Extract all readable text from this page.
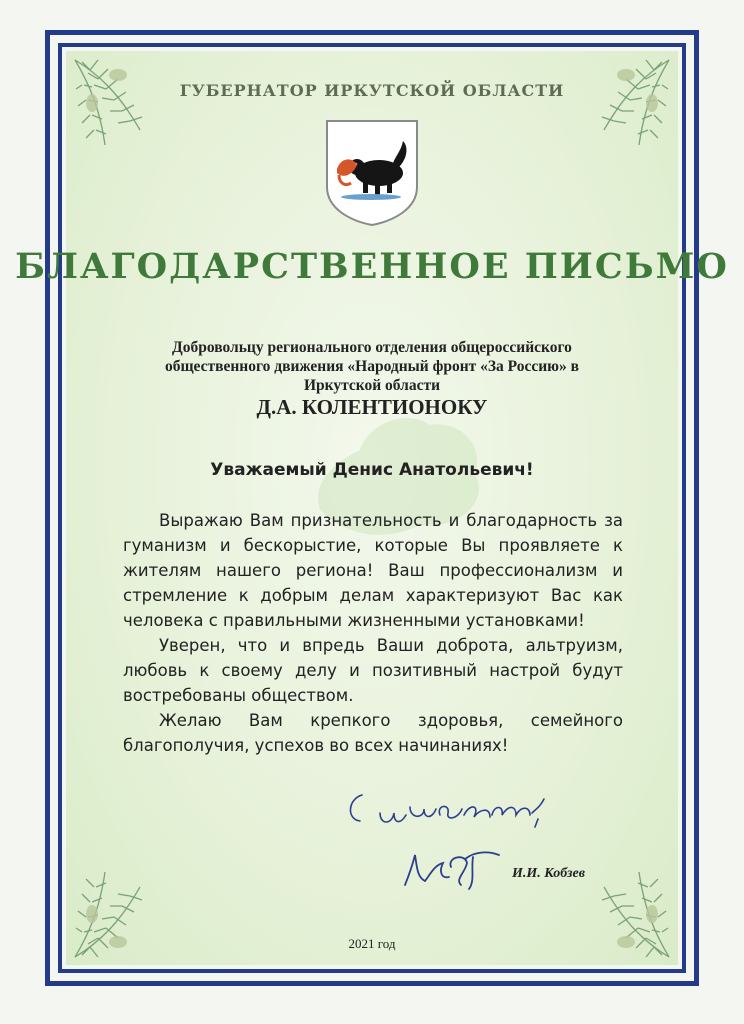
ГУБЕРНАТОР ИРКУТСКОЙ ОБЛАСТИ
БЛАГОДАРСТВЕННОЕ ПИСЬМО
Добровольцу регионального отделения общероссийского
общественного движения «Народный фронт «За Россию» в
Иркутской области
Д.А. КОЛЕНТИОНОКУ
Уважаемый Денис Анатольевич!

Выражаю Вам признательность и благодарность за гуманизм и бескорыстие, которые Вы проявляете к жителям нашего региона! Ваш профессионализм и стремление к добрым делам характеризуют Вас как человека с правильными жизненными установками!

Уверен, что и впредь Ваши доброта, альтруизм, любовь к своему делу и позитивный настрой будут востребованы обществом.

Желаю Вам крепкого здоровья, семейного благополучия, успехов во всех начинаниях!

И.И. Кобзев
2021 год
